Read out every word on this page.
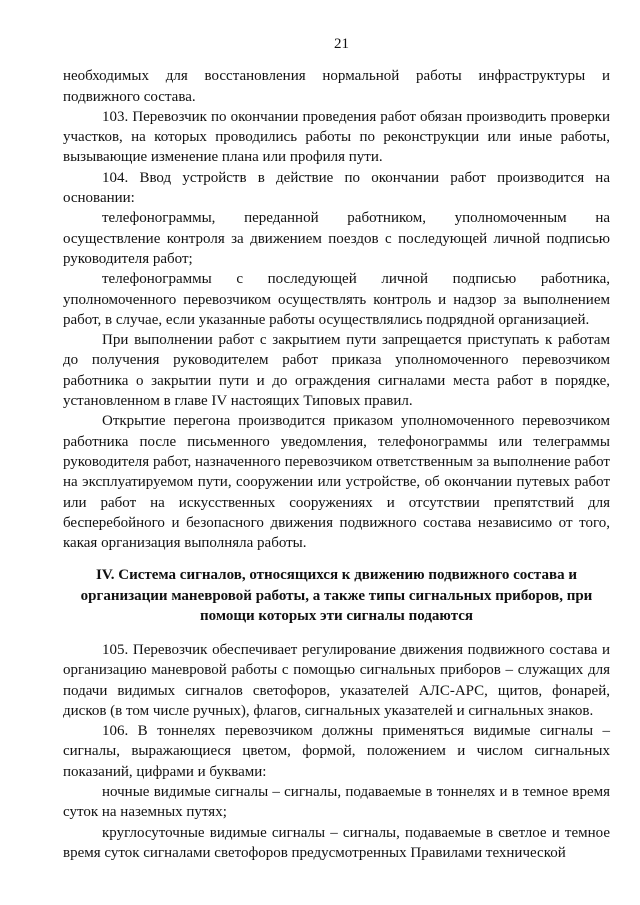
21

необходимых для восстановления нормальной работы инфраструктуры и подвижного состава.

103. Перевозчик по окончании проведения работ обязан производить проверки участков, на которых проводились работы по реконструкции или иные работы, вызывающие изменение плана или профиля пути.

104. Ввод устройств в действие по окончании работ производится на основании:

телефонограммы, переданной работником, уполномоченным на осуществление контроля за движением поездов с последующей личной подписью руководителя работ;

телефонограммы с последующей личной подписью работника, уполномоченного перевозчиком осуществлять контроль и надзор за выполнением работ, в случае, если указанные работы осуществлялись подрядной организацией.

При выполнении работ с закрытием пути запрещается приступать к работам до получения руководителем работ приказа уполномоченного перевозчиком работника о закрытии пути и до ограждения сигналами места работ в порядке, установленном в главе IV настоящих Типовых правил.

Открытие перегона производится приказом уполномоченного перевозчиком работника после письменного уведомления, телефонограммы или телеграммы руководителя работ, назначенного перевозчиком ответственным за выполнение работ на эксплуатируемом пути, сооружении или устройстве, об окончании путевых работ или работ на искусственных сооружениях и отсутствии препятствий для бесперебойного и безопасного движения подвижного состава независимо от того, какая организация выполняла работы.

IV. Система сигналов, относящихся к движению подвижного состава и организации маневровой работы, а также типы сигнальных приборов, при помощи которых эти сигналы подаются

105. Перевозчик обеспечивает регулирование движения подвижного состава и организацию маневровой работы с помощью сигнальных приборов – служащих для подачи видимых сигналов светофоров, указателей АЛС-АРС, щитов, фонарей, дисков (в том числе ручных), флагов, сигнальных указателей и сигнальных знаков.

106. В тоннелях перевозчиком должны применяться видимые сигналы – сигналы, выражающиеся цветом, формой, положением и числом сигнальных показаний, цифрами и буквами:

ночные видимые сигналы – сигналы, подаваемые в тоннелях и в темное время суток на наземных путях;

круглосуточные видимые сигналы – сигналы, подаваемые в светлое и темное время суток сигналами светофоров предусмотренных Правилами технической
